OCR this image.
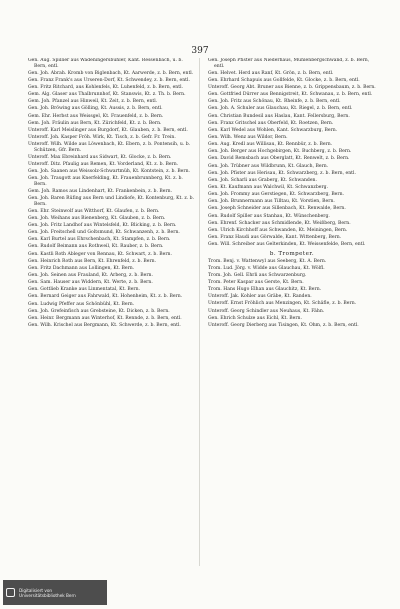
397

Gen. Aug. Spillier aus Wadeningersbühler, Kant. Ressenbach, u. b. Bern, entl.

Gen. Joh. Abrah. Kromb von Biglenbach, Kt. Aarwerde, z. b. Bern, entl.

Gen. Franz Frank's aus Urseren-Dorf, Kt. Schwendey, z. b. Bern, entl.

Gen. Fritz Ritchard, aus Kohlenfels, Kt. Luhenfeld, z. b. Bern, entl.

Gem. Alg. Glaser aus Thalbrunnhof, Kt. Stanswis, Kt. z. Th. b. Bern.

Gem. Joh. Pfanzel aus Hinweil, Kt. Zeit, z. b. Bern, entl.

Gen. Joh. Bröwing aus Gölling, Kt. Aussis, z. b. Bern, entl.

Gem. Ehr. Herbst aus Weissgel, Kt. Frauenfeld, z. b. Bern.

Gem. Joh. Fräulin aus Bern, Kt. Zürichfeld, Kt. z. b. Bern.

Unteroff. Karl Meislinger aus Burgdorf, Kt. Glauben, z. b. Bern, entl.

Unteroff. Joh. Kasper Fröh. Wirk, Kt. Tisch, z. b. Gefr. Fr. Trein.

Unteroff. Wilh. Wilde aus Löwenbach, Kt. Ebern, z. b. Pontensih, u. b. Schützen, Gfr. Bern.

Unteroff. Max Ebreinhard aus Sidwart, Kt. Glocke, z. b. Bern.

Unteroff. Ditz. Pfaulig aus Remen, Kt. Vorderland, Kt. z. b. Bern.

Gen. Joh. Saanen aus Weissolz-Schwartmüh, Kt. Kontstein, z. b. Bern.

Gen. Joh. Traugott aus Knerfelding, Kt. Frauenbrunnberg, Kt. z. b. Bern.

Gem. Joh. Ramos aus Lindenhart, Kt. Frankenbein, z. b. Bern.

Gen. Joh. Baren Rüfing aus Bern und Lindiofe, Kt. Kontenburg, Kt. z. b. Bern.

Gen. Ehr. Steinwolf aus Witthorf, Kt. Glaufen, z. b. Bern.

Gen. Joh. Weihans aus Bienenberg, Kt. Glauben, z. b. Bern.

Gen. Joh. Fritz Landhof aus Wintelsfeld, Kt. Blicking, z. b. Bern.

Gen. Joh. Freitschell und Goltsmund, Kt. Schwanzenh, z. b. Bern.

Gen. Karl Burtel aus Ehrschenbach, Kt. Stampfen, z. b. Bern.

Gen. Rudolf Beimann aus Rothweil, Kt. Rauber, z. b. Bern.

Gen. Kastli Roth Ableger von Rennau, Kt. Schwart, z. b. Bern.

Gen. Heinrich Roth aus Bern, Kt. Ehrenfeld, z. b. Bern.

Gen. Fritz Dachmann aus Lollingen, Kt. Bern.

Gen. Joh. Seinen aus Frauland, Kt. Arberg, z. b. Bern.

Gen. Sam. Hauser aus Widdern, Kt. Werte, z. b. Bern.

Gen. Gottlieb Kranke aus Linmentatal, Kt. Bern.

Gen. Bernard Geiger aus Fahrwald, Kt. Hohenheim, Kt. z. b. Bern.

Gen. Ludwig Pfeffer aus Schönbühl, Kt. Bern.

Gen. Joh. Grefeinfisch aus Grebsteine, Kt. Dicken, z. b. Bern.

Gen. Heinr. Bergmann aus Winterhof, Kt. Rennde, z. b. Bern, entl.

Gen. Wilh. Krischel aus Bergmann, Kt. Schwerde, z. b. Bern, entl.

Gen. Joseph Pfister aus Niederhaus, Mühlenbergschwand, z. b. Bern, entl.

Gen. Helvet. Herd aus Ranf, Kt. Grön, z. b. Bern, entl.

Gen. Ehrhard Schapuis aus Gollfelde, Kt. Glocke, z. b. Bern, entl.

Unteroff. Georg Abt. Bruner aus Bienne, z. b. Grippensbaum, z. b. Bern.

Gen. Gottfried Dürrer aus Bennigstreit, Kt. Schwanau, z. b. Bern, entl.

Gen. Joh. Fritz aus Schönau, Kt. Rheinfe, z. b. Bern, entl.

Gen. Joh. A. Schuler aus Glauchau, Kt. Riegel, z. b. Bern, entl.

Gen. Christian Bundesil aus Haslau, Kant. Fellersburg, Bern.

Gen. Franz Gritschel aus Oberfeld, Kt. Roetzen, Bern.

Gen. Karl Wedel aus Wohlen, Kant. Schwarzburg, Bern.

Gen. Wilh. Wenz aus Wildor, Bern.

Gen. Aug. Kredl aus Willisau, Kt. Rennbür, z. b. Bern.

Gen. Joh. Berger aus Hochgebirgen, Kt. Buchberg, z. b. Bern.

Gen. David Remsbach aus Oberglatt, Kt. Renwelt, z. b. Bern.

Gen. Joh. Trübner aus Wildbrunn, Kt. Glauch, Bern.

Gen. Joh. Pfister aus Herisau, Kt. Schwarzberg, z. b. Bern, entl.

Gen. Joh. Scharli aus Graberg, Kt. Schwanden.

Gen. Kt. Kaufmann aus Walchwil, Kt. Schwanzberg.

Gen. Joh. Frommy aus Gerstiegen, Kt. Schwarzberg, Bern.

Gen. Joh. Brunnermann aus Tilltau, Kt. Vorstien, Bern.

Gen. Joseph Schneider aus Sillenbach, Kt. Renwalde, Bern.

Gen. Rudolf Spiller aus Stanhau, Kt. Wünschenberg.

Gen. Ehrenf. Schacker aus Schmidlende, Kt. Weißberg, Bern.

Gen. Ulrich Kirchhoff aus Schwanden, Kt. Meiningen, Bern.

Gen. Franz Haudi aus Görwalde, Kant. Wittenberg, Bern.

Gen. Will. Schreiber aus Gelterkinden, Kt. Weissenfelde, Bern, entl.

b. Trompeter.

Trom. Benj. v. Wattenwyl aus Seeberg, Kt. A. Bern.

Trom. Lud. Jörg. v. Widde aus Glauchau, Kt. Wölfl.

Trom. Joh. Gell. Ehrli aus Schwarzenburg.

Trom. Peter Kaspar aus Gerste, Kt. Bern.

Trom. Hans Hugo Elhan aus Glauchitz, Kt. Bern.

Unteroff. Jak. Kohler aus Gräbe, Kt. Randen.

Unteroff. Ernst Fröhlich aus Menzingen, Kt. Schäfle, z. b. Bern.

Unteroff. Georg Schindler aus Neuhaus, Kt. Fähn.

Gen. Ehrich Schulze aus Eichl, Kt. Bern.

Unteroff. Georg Dierberg aus Tisingen, Kt. Ohm, z. b. Bern, entl.

Digitalisiert von
Universitätsbibliothek Bern
